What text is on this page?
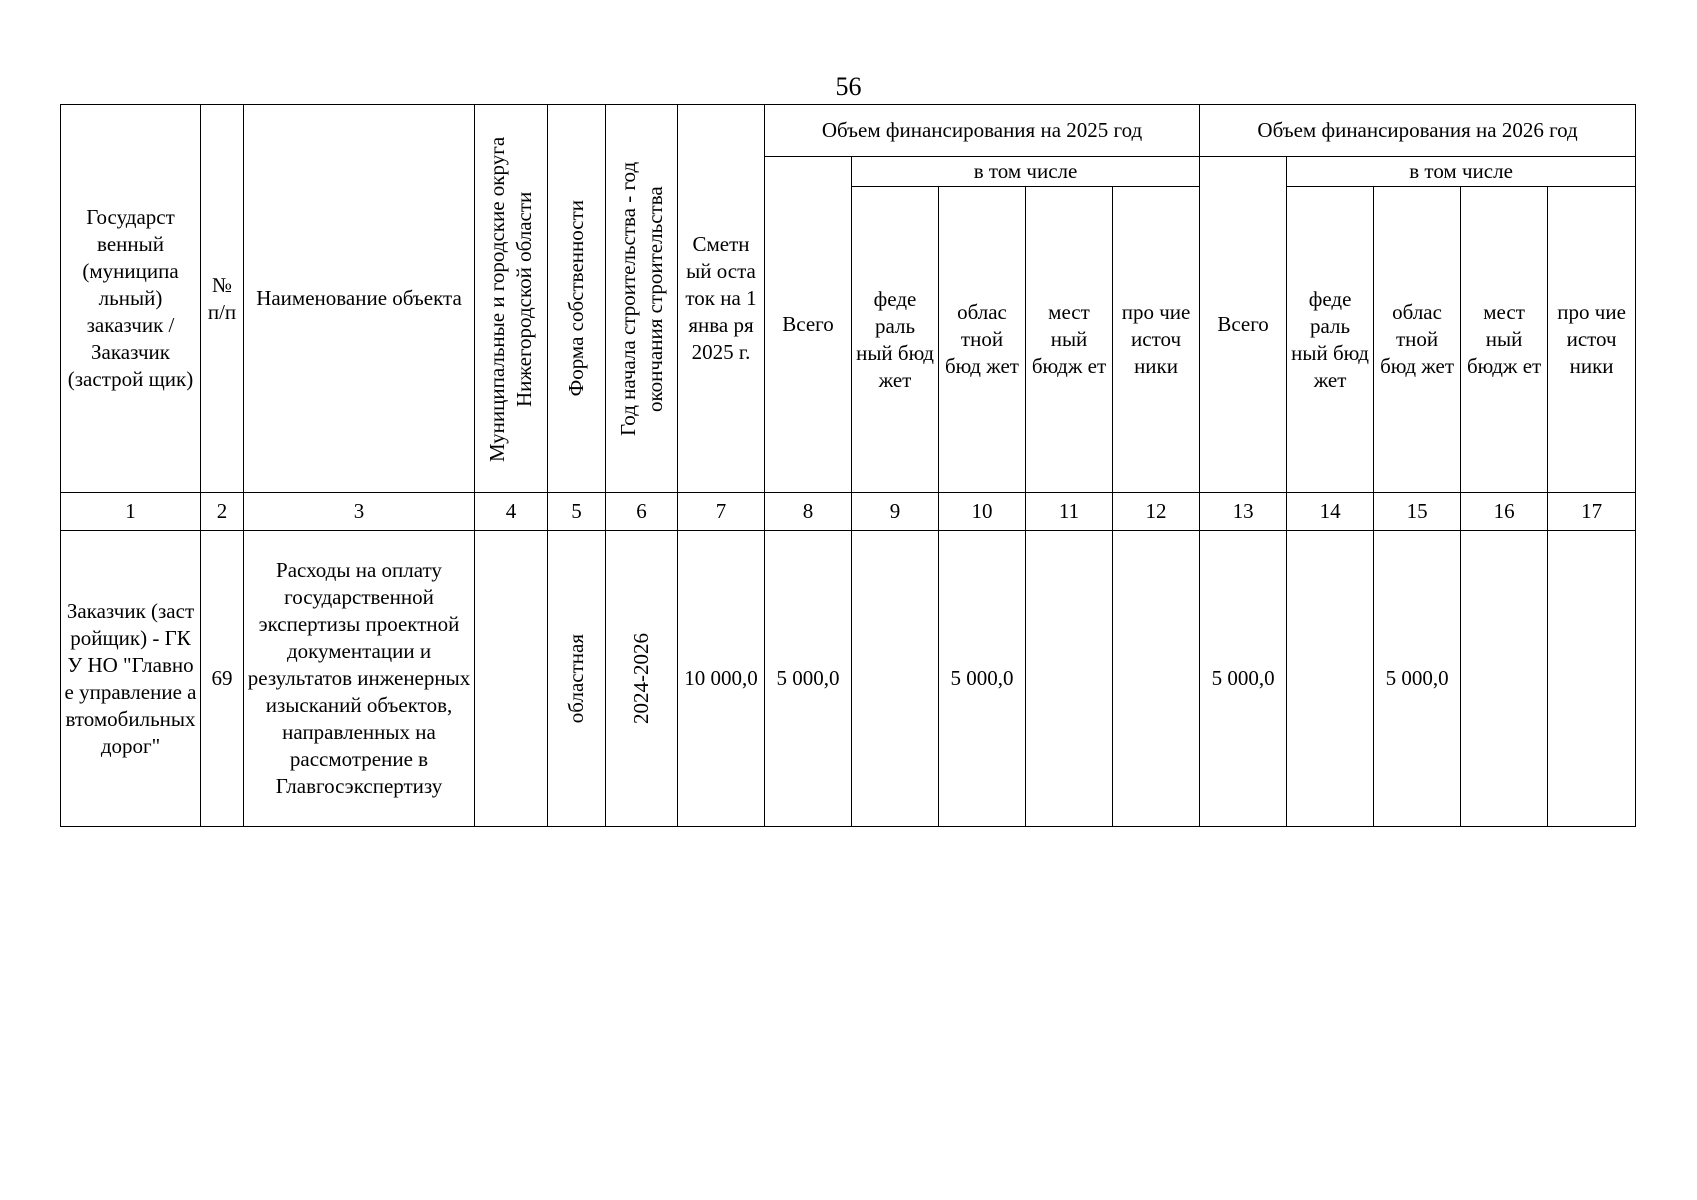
56
Государст венный (муниципа льный) заказчик / Заказчик (застрой щик)	№ п/п	Наименование объекта	Муниципальные и городские округа Нижегородской области	Форма собственности	Год начала строительства - год окончания строительства	Сметн ый оста ток на 1 янва ря 2025 г.	Объем финансирования на 2025 год					Объем финансирования на 2026 год				
							Всего	в том числе				Всего	в том числе			
								феде раль ный бюд жет	облас тной бюд жет	мест ный бюдж ет	про чие источ ники		феде раль ный бюд жет	облас тной бюд жет	мест ный бюдж ет	про чие источ ники
1	2	3	4	5	6	7	8	9	10	11	12	13	14	15	16	17
Заказчик (застройщик) - ГКУ НО "Главное управление автомобильных дорог"	69	Расходы на оплату государственной экспертизы проектной документации и результатов инженерных изысканий объектов, направленных на рассмотрение в Главгосэкспертизу		областная	2024-2026	10 000,0	5 000,0		5 000,0			5 000,0		5 000,0		
